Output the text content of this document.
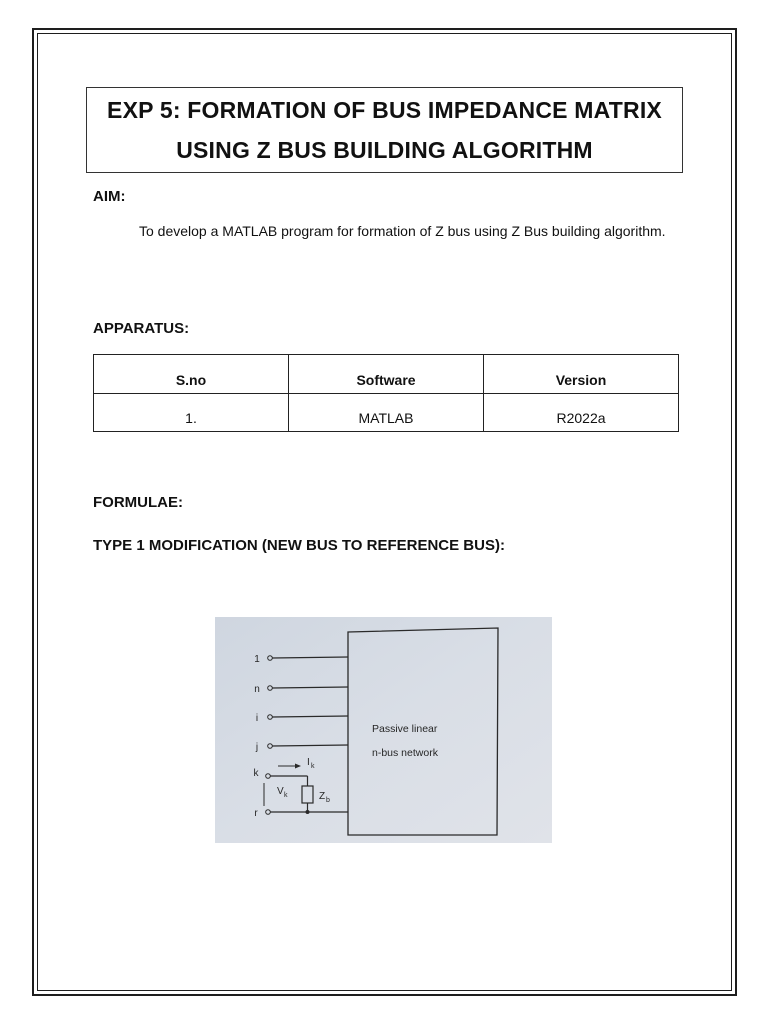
EXP 5: FORMATION OF BUS IMPEDANCE MATRIX
USING Z BUS BUILDING ALGORITHM
AIM:
To develop a MATLAB program for formation of Z bus using Z Bus building algorithm.
APPARATUS:
S.no	Software	Version
1.	MATLAB	R2022a
FORMULAE:
TYPE 1 MODIFICATION (NEW BUS TO REFERENCE BUS):
Passive linear
n-bus network
1
n
i
j
I k
k
V k	Z b
r
